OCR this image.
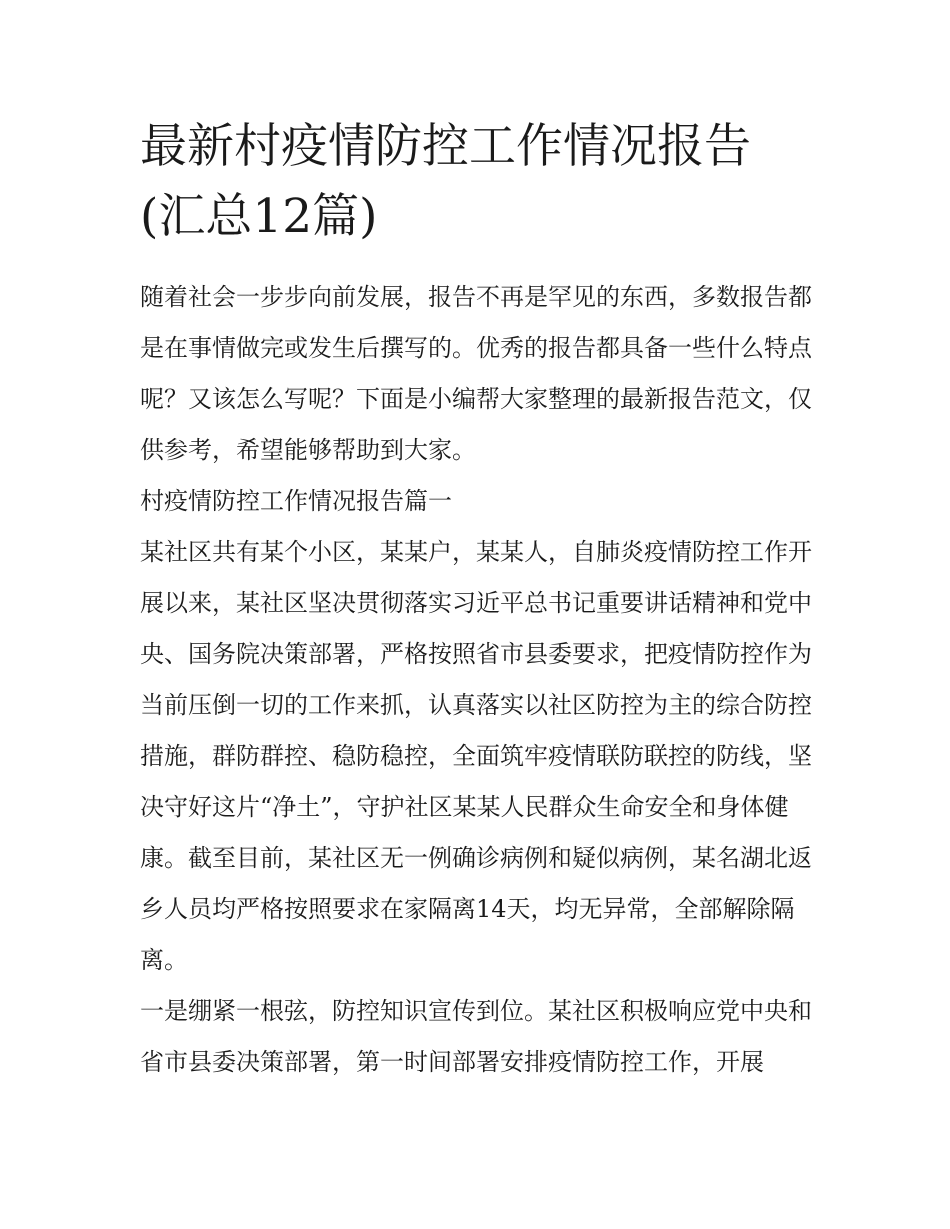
最新村疫情防控工作情况报告
(汇总12篇)

随着社会一步步向前发展，报告不再是罕见的东西，多数报告都是在事情做完或发生后撰写的。优秀的报告都具备一些什么特点呢？又该怎么写呢？下面是小编帮大家整理的最新报告范文，仅供参考，希望能够帮助到大家。

村疫情防控工作情况报告篇一

某社区共有某个小区，某某户，某某人，自肺炎疫情防控工作开展以来，某社区坚决贯彻落实习近平总书记重要讲话精神和党中央、国务院决策部署，严格按照省市县委要求，把疫情防控作为当前压倒一切的工作来抓，认真落实以社区防控为主的综合防控措施，群防群控、稳防稳控，全面筑牢疫情联防联控的防线，坚决守好这片“净土”，守护社区某某人民群众生命安全和身体健康。截至目前，某社区无一例确诊病例和疑似病例，某名湖北返乡人员均严格按照要求在家隔离14天，均无异常，全部解除隔离。

一是绷紧一根弦，防控知识宣传到位。某社区积极响应党中央和省市县委决策部署，第一时间部署安排疫情防控工作，开展
